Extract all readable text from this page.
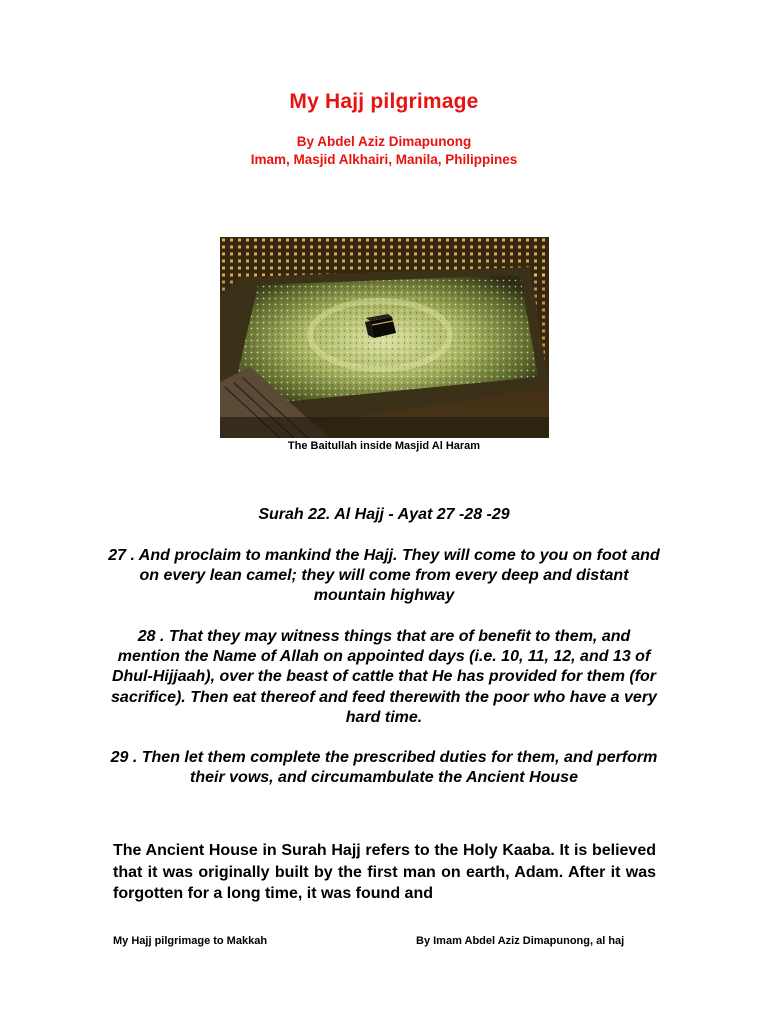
My Hajj pilgrimage
By Abdel Aziz Dimapunong
Imam, Masjid Alkhairi, Manila, Philippines
The Baitullah inside Masjid Al Haram
Surah 22. Al Hajj - Ayat 27 -28 -29

27 . And proclaim to mankind the Hajj. They will come to you on foot and on every lean camel; they will come from every deep and distant mountain highway

28 . That they may witness things that are of benefit to them, and mention the Name of Allah on appointed days (i.e. 10, 11, 12, and 13 of Dhul-Hijjaah), over the beast of cattle that He has provided for them (for sacrifice). Then eat thereof and feed therewith the poor who have a very hard time.

29 . Then let them complete the prescribed duties for them, and perform their vows, and circumambulate the Ancient House

The Ancient House in Surah Hajj refers to the Holy Kaaba. It is believed that it was originally built by the first man on earth, Adam. After it was forgotten for a long time, it was found and

My Hajj pilgrimage to Makkah	By Imam Abdel Aziz Dimapunong, al haj
